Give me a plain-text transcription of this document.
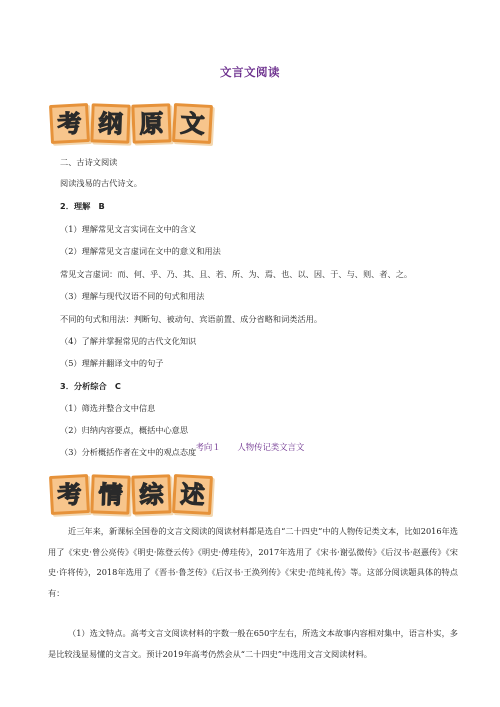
文言文阅读
考 纲 原 文
二、古诗文阅读
阅读浅易的古代诗文。
2．理解　B
（1）理解常见文言实词在文中的含义
（2）理解常见文言虚词在文中的意义和用法
常见文言虚词：而、何、乎、乃、其、且、若、所、为、焉、也、以、因、于、与、则、者、之。
（3）理解与现代汉语不同的句式和用法
不同的句式和用法：判断句、被动句、宾语前置、成分省略和词类活用。
（4）了解并掌握常见的古代文化知识
（5）理解并翻译文中的句子
3．分析综合　C
（1）筛选并整合文中信息
（2）归纳内容要点，概括中心意思
（3）分析概括作者在文中的观点态度 考向１　　人物传记类文言文
考 情 综 述
近三年来，新课标全国卷的文言文阅读的阅读材料都是选自“二十四史”中的人物传记类文本，比如2016年选用了《宋史·曾公亮传》《明史·陈登云传》《明史·傅珪传》，2017年选用了《宋书·谢弘微传》《后汉书·赵憙传》《宋史·许将传》，2018年选用了《晋书·鲁芝传》《后汉书·王涣列传》《宋史·范纯礼传》等。这部分阅读题具体的特点有：
（1）选文特点。高考文言文阅读材料的字数一般在650字左右，所选文本故事内容相对集中，语言朴实，多是比较浅显易懂的文言文。预计2019年高考仍然会从“二十四史”中选用文言文阅读材料。
